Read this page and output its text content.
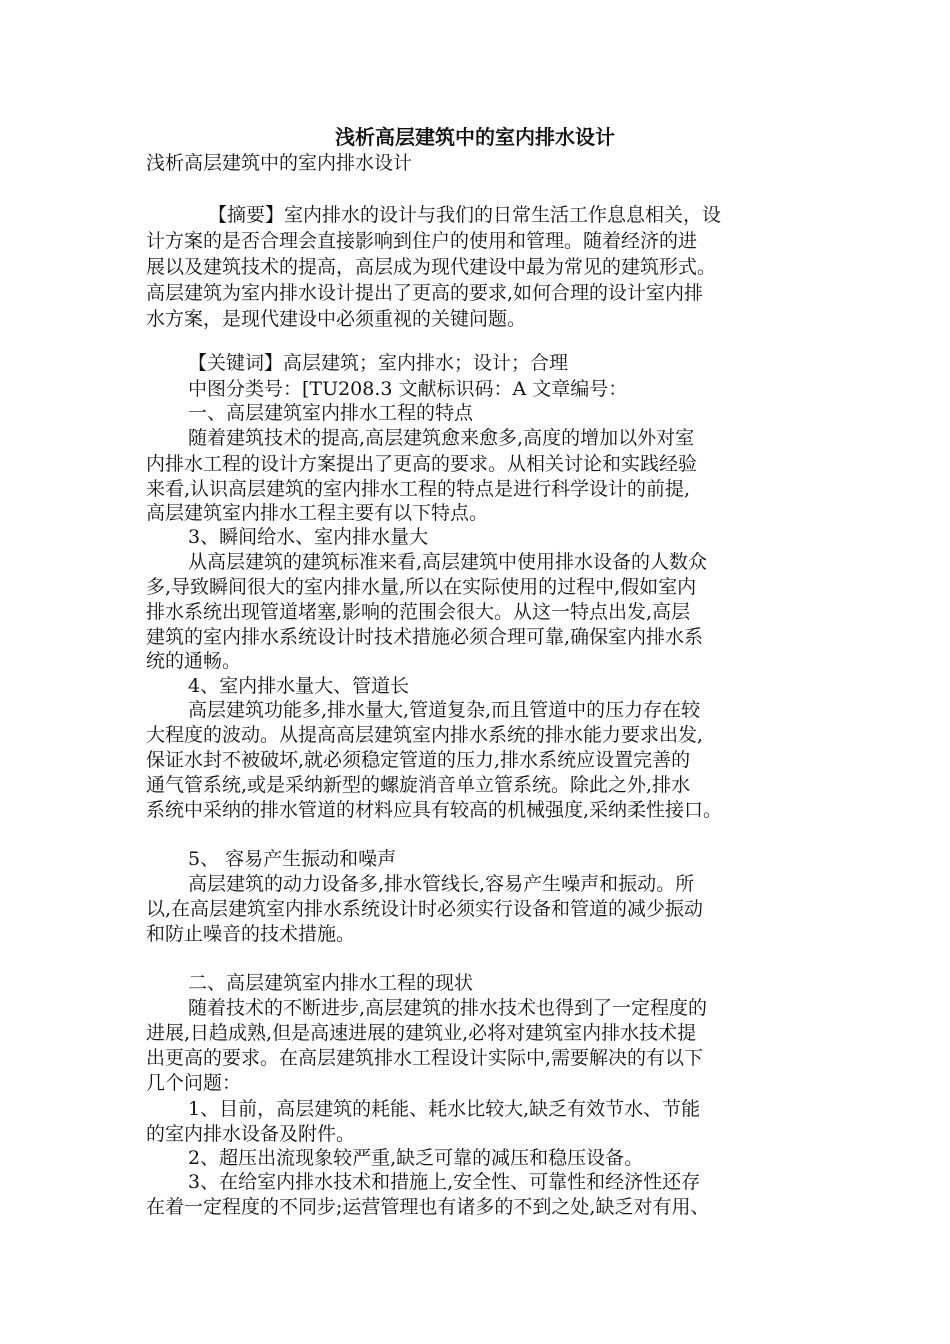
浅析高层建筑中的室内排水设计
浅析高层建筑中的室内排水设计
【摘要】室内排水的设计与我们的日常生活工作息息相关，设
计方案的是否合理会直接影响到住户的使用和管理。随着经济的进
展以及建筑技术的提高，高层成为现代建设中最为常见的建筑形式。
高层建筑为室内排水设计提出了更高的要求,如何合理的设计室内排
水方案，是现代建设中必须重视的关键问题。
【关键词】高层建筑；室内排水；设计；合理
中图分类号：[TU208.3 文献标识码：A 文章编号：
一、高层建筑室内排水工程的特点
随着建筑技术的提高,高层建筑愈来愈多,高度的增加以外对室
内排水工程的设计方案提出了更高的要求。从相关讨论和实践经验
来看,认识高层建筑的室内排水工程的特点是进行科学设计的前提,
高层建筑室内排水工程主要有以下特点。
3、瞬间给水、室内排水量大
从高层建筑的建筑标准来看,高层建筑中使用排水设备的人数众
多,导致瞬间很大的室内排水量,所以在实际使用的过程中,假如室内
排水系统出现管道堵塞,影响的范围会很大。从这一特点出发,高层
建筑的室内排水系统设计时技术措施必须合理可靠,确保室内排水系
统的通畅。
4、室内排水量大、管道长
高层建筑功能多,排水量大,管道复杂,而且管道中的压力存在较
大程度的波动。从提高高层建筑室内排水系统的排水能力要求出发,
保证水封不被破坏,就必须稳定管道的压力,排水系统应设置完善的
通气管系统,或是采纳新型的螺旋消音单立管系统。除此之外,排水
系统中采纳的排水管道的材料应具有较高的机械强度,采纳柔性接口。
5、 容易产生振动和噪声
高层建筑的动力设备多,排水管线长,容易产生噪声和振动。所
以,在高层建筑室内排水系统设计时必须实行设备和管道的减少振动
和防止噪音的技术措施。
二、高层建筑室内排水工程的现状
随着技术的不断进步,高层建筑的排水技术也得到了一定程度的
进展,日趋成熟,但是高速进展的建筑业,必将对建筑室内排水技术提
出更高的要求。在高层建筑排水工程设计实际中,需要解决的有以下
几个问题：
1、目前，高层建筑的耗能、耗水比较大,缺乏有效节水、节能
的室内排水设备及附件。
2、超压出流现象较严重,缺乏可靠的减压和稳压设备。
3、在给室内排水技术和措施上,安全性、可靠性和经济性还存
在着一定程度的不同步;运营管理也有诸多的不到之处,缺乏对有用、
